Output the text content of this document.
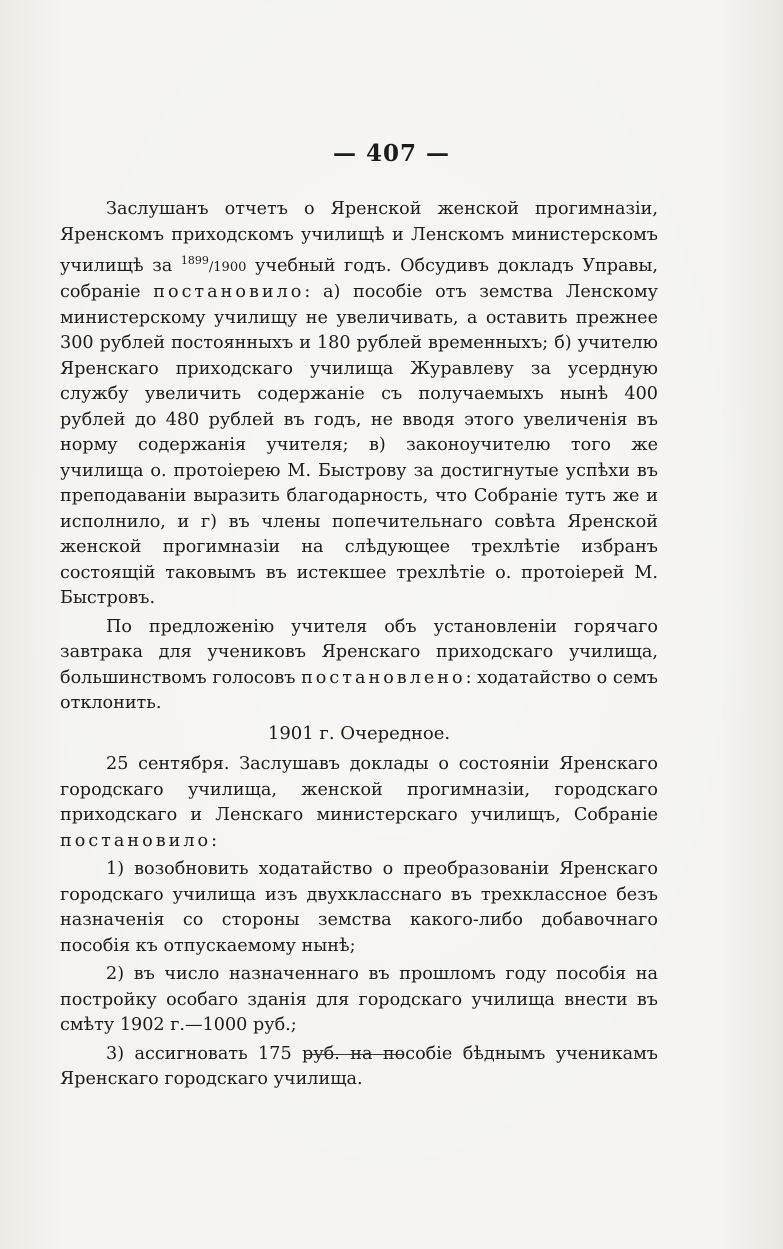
— 407 —

Заслушанъ отчетъ о Яренской женской прогимназіи, Яренскомъ приходскомъ училищѣ и Ленскомъ министерскомъ училищѣ за $^{1899}$/1900 учебный годъ. Обсудивъ докладъ Управы, собраніе постановило: а) пособіе отъ земства Ленскому министерскому училищу не увеличивать, а оставить прежнее 300 рублей постоянныхъ и 180 рублей временныхъ; б) учителю Яренскаго приходскаго училища Журавлеву за усердную службу увеличить содержаніе съ получаемыхъ нынѣ 400 рублей до 480 рублей въ годъ, не вводя этого увеличенія въ норму содержанія учителя; в) законоучителю того же училища о. протоіерею М. Быстрову за достигнутые успѣхи въ преподаваніи выразить благодарность, что Собраніе тутъ же и исполнило, и г) въ члены попечительнаго совѣта Яренской женской прогимназіи на слѣдующее трехлѣтіе избранъ состоящій таковымъ въ истекшее трехлѣтіе о. протоіерей М. Быстровъ.

По предложенію учителя объ установленіи горячаго завтрака для учениковъ Яренскаго приходскаго училища, большинствомъ голосовъ постановлено: ходатайство о семъ отклонить.

1901 г. Очередное.

25 сентября. Заслушавъ доклады о состояніи Яренскаго городскаго училища, женской прогимназіи, городскаго приходскаго и Ленскаго министерскаго училищъ, Собраніе постановило:

1) возобновить ходатайство о преобразованіи Яренскаго городскаго училища изъ двухкласснаго въ трехклассное безъ назначенія со стороны земства какого-либо добавочнаго пособія къ отпускаемому нынѣ;

2) въ число назначеннаго въ прошломъ году пособія на постройку особаго зданія для городскаго училища внести въ смѣту 1902 г.—1000 руб.;

3) ассигновать 175 руб. на пособіе бѣднымъ ученикамъ Яренскаго городскаго училища.
